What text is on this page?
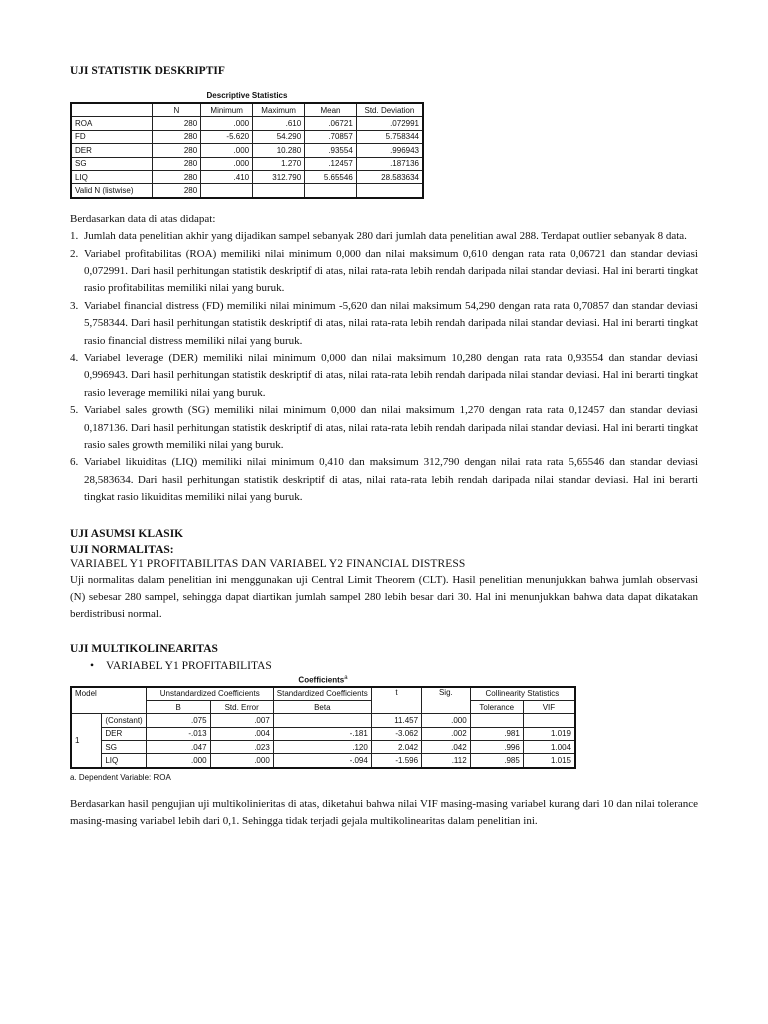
UJI STATISTIK DESKRIPTIF

Descriptive Statistics
	N	Minimum	Maximum	Mean	Std. Deviation
ROA	280	.000	.610	.06721	.072991
FD	280	-5.620	54.290	.70857	5.758344
DER	280	.000	10.280	.93554	.996943
SG	280	.000	1.270	.12457	.187136
LIQ	280	.410	312.790	5.65546	28.583634
Valid N (listwise)	280				

Berdasarkan data di atas didapat:

1. Jumlah data penelitian akhir yang dijadikan sampel sebanyak 280 dari jumlah data penelitian awal 288. Terdapat outlier sebanyak 8 data.
2. Variabel profitabilitas (ROA) memiliki nilai minimum 0,000 dan nilai maksimum 0,610 dengan rata rata 0,06721 dan standar deviasi 0,072991. Dari hasil perhitungan statistik deskriptif di atas, nilai rata-rata lebih rendah daripada nilai standar deviasi. Hal ini berarti tingkat rasio profitabilitas memiliki nilai yang buruk.
3. Variabel financial distress (FD) memiliki nilai minimum -5,620 dan nilai maksimum 54,290 dengan rata rata 0,70857 dan standar deviasi 5,758344. Dari hasil perhitungan statistik deskriptif di atas, nilai rata-rata lebih rendah daripada nilai standar deviasi. Hal ini berarti tingkat rasio financial distress memiliki nilai yang buruk.
4. Variabel leverage (DER) memiliki nilai minimum 0,000 dan nilai maksimum 10,280 dengan rata rata 0,93554 dan standar deviasi 0,996943. Dari hasil perhitungan statistik deskriptif di atas, nilai rata-rata lebih rendah daripada nilai standar deviasi. Hal ini berarti tingkat rasio leverage memiliki nilai yang buruk.
5. Variabel sales growth (SG) memiliki nilai minimum 0,000 dan nilai maksimum 1,270 dengan rata rata 0,12457 dan standar deviasi 0,187136. Dari hasil perhitungan statistik deskriptif di atas, nilai rata-rata lebih rendah daripada nilai standar deviasi. Hal ini berarti tingkat rasio sales growth memiliki nilai yang buruk.
6. Variabel likuiditas (LIQ) memiliki nilai minimum 0,410 dan maksimum 312,790 dengan nilai rata rata 5,65546 dan standar deviasi 28,583634. Dari hasil perhitungan statistik deskriptif di atas, nilai rata-rata lebih rendah daripada nilai standar deviasi. Hal ini berarti tingkat rasio likuiditas memiliki nilai yang buruk.

UJI ASUMSI KLASIK

UJI NORMALITAS:

VARIABEL Y1 PROFITABILITAS DAN VARIABEL Y2 FINANCIAL DISTRESS

Uji normalitas dalam penelitian ini menggunakan uji Central Limit Theorem (CLT). Hasil penelitian menunjukkan bahwa jumlah observasi (N) sebesar 280 sampel, sehingga dapat diartikan jumlah sampel 280 lebih besar dari 30. Hal ini menunjukkan bahwa data dapat dikatakan berdistribusi normal.

UJI MULTIKOLINEARITAS

• VARIABEL Y1 PROFITABILITAS
Coefficients$^a$
Model		Unstandardized Coefficients		Standardized Coefficients	t	Sig.	Collinearity Statistics	
		B	Std. Error	Beta			Tolerance	VIF
1	(Constant)	.075	.007		11.457	.000		
	DER	-.013	.004	-.181	-3.062	.002	.981	1.019
	SG	.047	.023	.120	2.042	.042	.996	1.004
	LIQ	.000	.000	-.094	-1.596	.112	.985	1.015
a. Dependent Variable: ROA

Berdasarkan hasil pengujian uji multikolinieritas di atas, diketahui bahwa nilai VIF masing-masing variabel kurang dari 10 dan nilai tolerance masing-masing variabel lebih dari 0,1. Sehingga tidak terjadi gejala multikolinearitas dalam penelitian ini.
